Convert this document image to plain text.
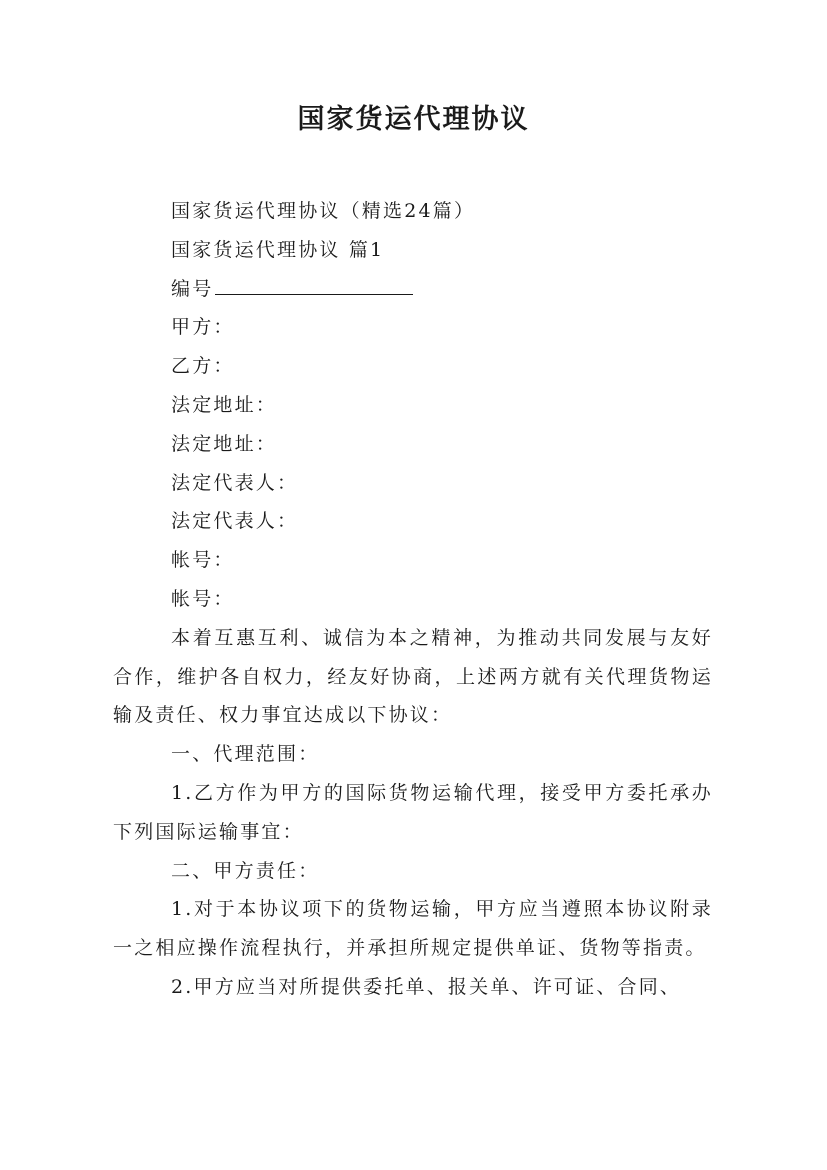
国家货运代理协议
国家货运代理协议（精选24篇）
国家货运代理协议 篇1
编号
甲方：
乙方：
法定地址：
法定地址：
法定代表人：
法定代表人：
帐号：
帐号：
本着互惠互利、诚信为本之精神，为推动共同发展与友好合作，维护各自权力，经友好协商，上述两方就有关代理货物运输及责任、权力事宜达成以下协议：
一、代理范围：
1.乙方作为甲方的国际货物运输代理，接受甲方委托承办下列国际运输事宜：
二、甲方责任：
1.对于本协议项下的货物运输，甲方应当遵照本协议附录一之相应操作流程执行，并承担所规定提供单证、货物等指责。
2.甲方应当对所提供委托单、报关单、许可证、合同、
